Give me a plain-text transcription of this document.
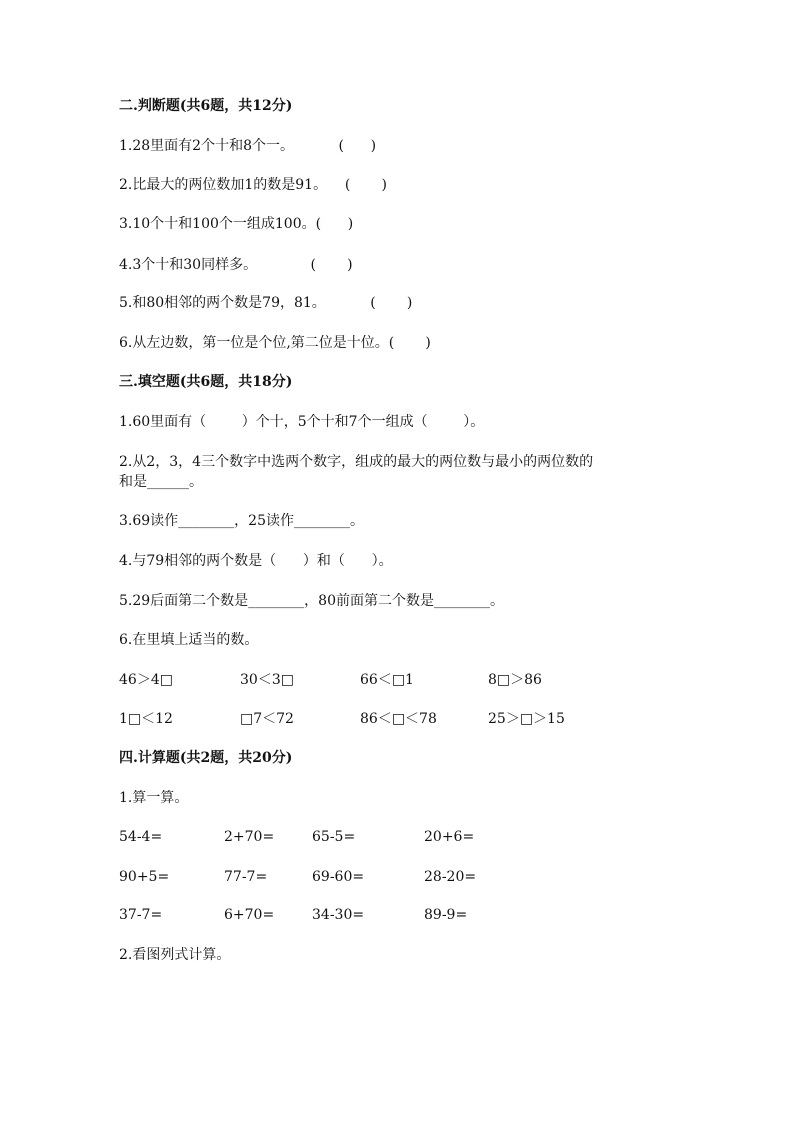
二.判断题(共6题，共12分)
1.28里面有2个十和8个一。          (      )
2.比最大的两位数加1的数是91。    (       )
3.10个十和100个一组成100。(      )
4.3个十和30同样多。            (       )
5.和80相邻的两个数是79，81。          (       )
6.从左边数，第一位是个位,第二位是十位。(       )
三.填空题(共6题，共18分)
1.60里面有（        ）个十，5个十和7个一组成（        ）。
2.从2，3，4三个数字中选两个数字，组成的最大的两位数与最小的两位数的
和是______。
3.69读作________，25读作________。
4.与79相邻的两个数是（      ）和（      ）。
5.29后面第二个数是________，80前面第二个数是________。
6.在里填上适当的数。
46＞4□	30＜3□	66＜□1	8□＞86
1□＜12	□7＜72	86＜□＜78	25＞□＞15
四.计算题(共2题，共20分)
1.算一算。
54-4=	2+70=	65-5=	20+6=
90+5=	77-7=	69-60=	28-20=
37-7=	6+70=	34-30=	89-9=
2.看图列式计算。
